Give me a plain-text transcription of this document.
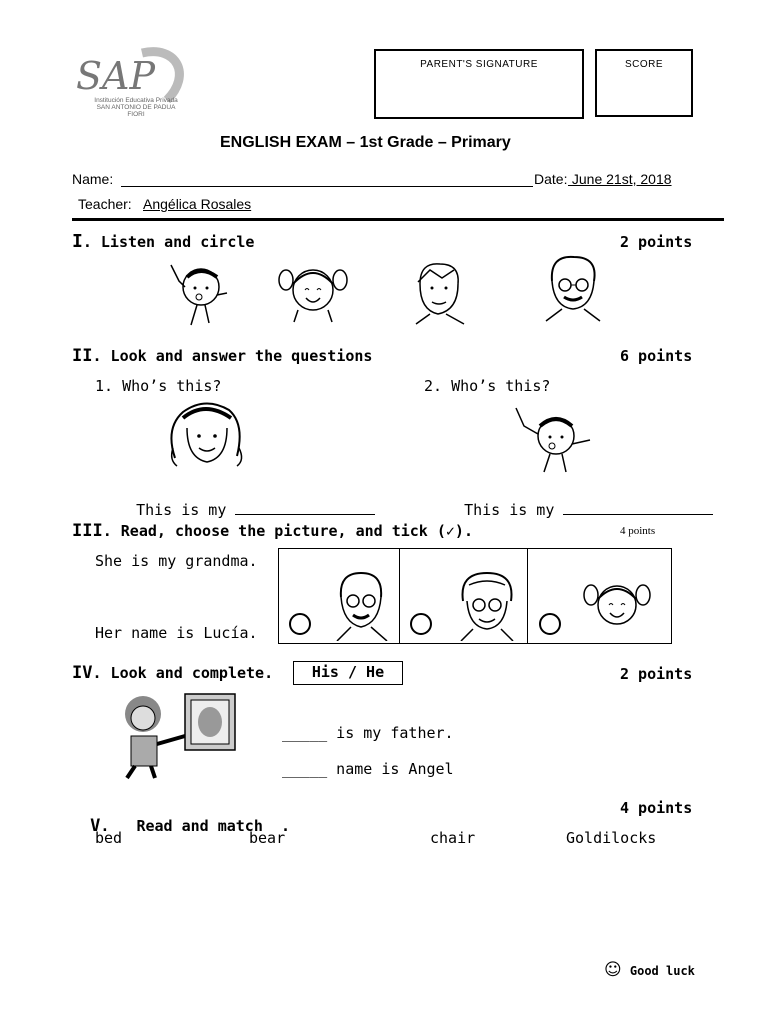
SAP
Institución Educativa Privada
SAN ANTONIO DE PADUA
FIORI
PARENT'S SIGNATURE	SCORE
ENGLISH EXAM – 1st Grade – Primary
Name:	Date: June 21st, 2018
Teacher: Angélica Rosales
I. Listen and circle	2 points
II. Look and answer the questions	6 points
1. Who’s this?	2. Who’s this?

This is my	This is my

III. Read, choose the picture, and tick (✓).	4 points
She is my grandma.
Her name is Lucía.
IV. Look and complete.	His / He	2 points
_____ is my father.
_____ name is Angel

V.   Read and match .

4 points
bed	bear	chair	Goldilocks
☺ Good luck
